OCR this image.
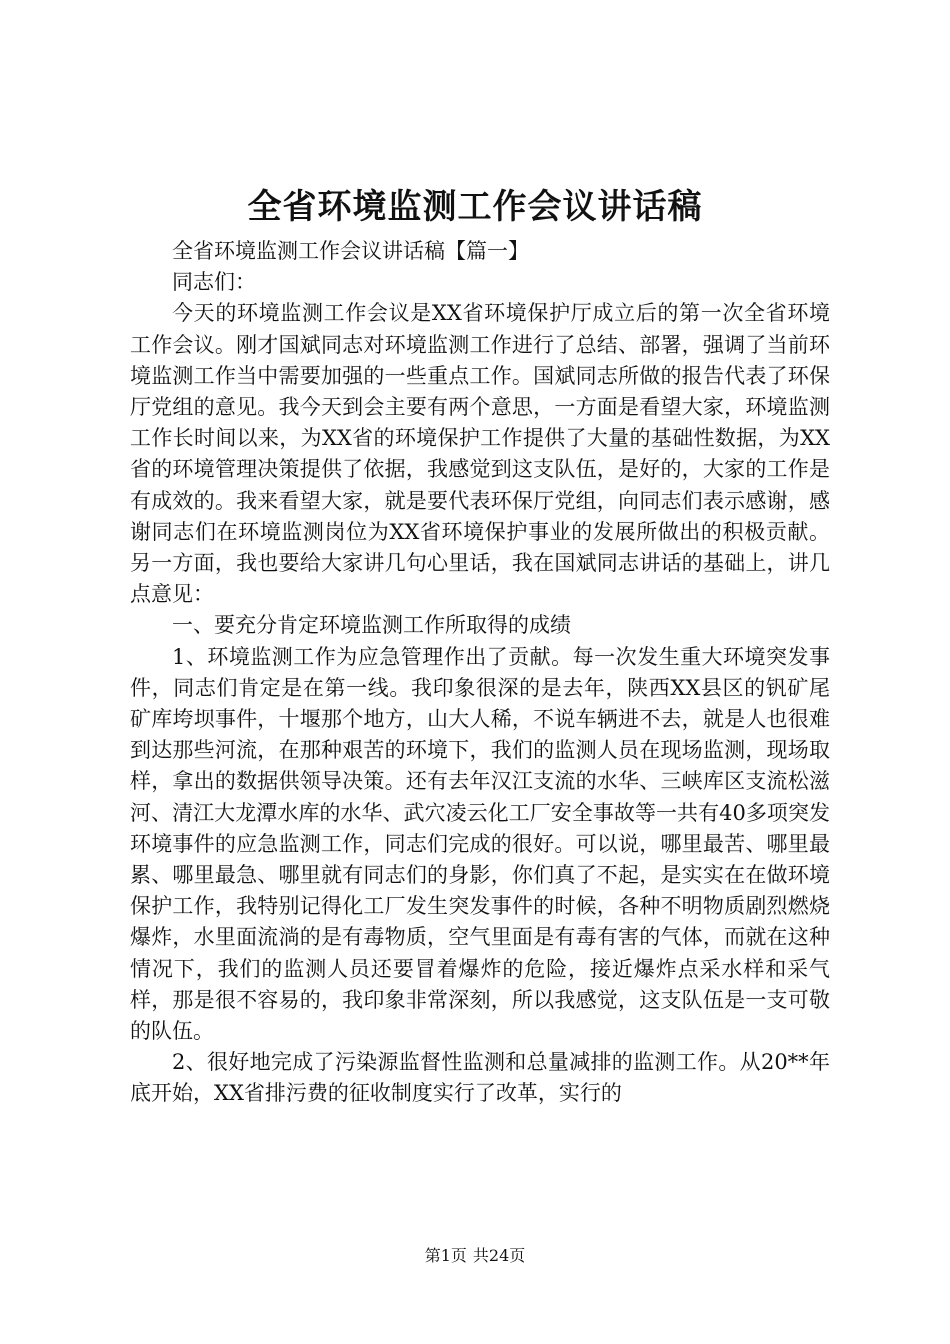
全省环境监测工作会议讲话稿

全省环境监测工作会议讲话稿【篇一】

同志们：

今天的环境监测工作会议是XX省环境保护厅成立后的第一次全省环境工作会议。刚才国斌同志对环境监测工作进行了总结、部署，强调了当前环境监测工作当中需要加强的一些重点工作。国斌同志所做的报告代表了环保厅党组的意见。我今天到会主要有两个意思，一方面是看望大家，环境监测工作长时间以来，为XX省的环境保护工作提供了大量的基础性数据，为XX省的环境管理决策提供了依据，我感觉到这支队伍，是好的，大家的工作是有成效的。我来看望大家，就是要代表环保厅党组，向同志们表示感谢，感谢同志们在环境监测岗位为XX省环境保护事业的发展所做出的积极贡献。另一方面，我也要给大家讲几句心里话，我在国斌同志讲话的基础上，讲几点意见：

一、要充分肯定环境监测工作所取得的成绩

1、环境监测工作为应急管理作出了贡献。每一次发生重大环境突发事件，同志们肯定是在第一线。我印象很深的是去年，陕西XX县区的钒矿尾矿库垮坝事件，十堰那个地方，山大人稀，不说车辆进不去，就是人也很难到达那些河流，在那种艰苦的环境下，我们的监测人员在现场监测，现场取样，拿出的数据供领导决策。还有去年汉江支流的水华、三峡库区支流松滋河、清江大龙潭水库的水华、武穴凌云化工厂安全事故等一共有40多项突发环境事件的应急监测工作，同志们完成的很好。可以说，哪里最苦、哪里最累、哪里最急、哪里就有同志们的身影，你们真了不起，是实实在在做环境保护工作，我特别记得化工厂发生突发事件的时候，各种不明物质剧烈燃烧爆炸，水里面流淌的是有毒物质，空气里面是有毒有害的气体，而就在这种情况下，我们的监测人员还要冒着爆炸的危险，接近爆炸点采水样和采气样，那是很不容易的，我印象非常深刻，所以我感觉，这支队伍是一支可敬的队伍。

2、很好地完成了污染源监督性监测和总量减排的监测工作。从20**年底开始，XX省排污费的征收制度实行了改革，实行的

第1页 共24页
